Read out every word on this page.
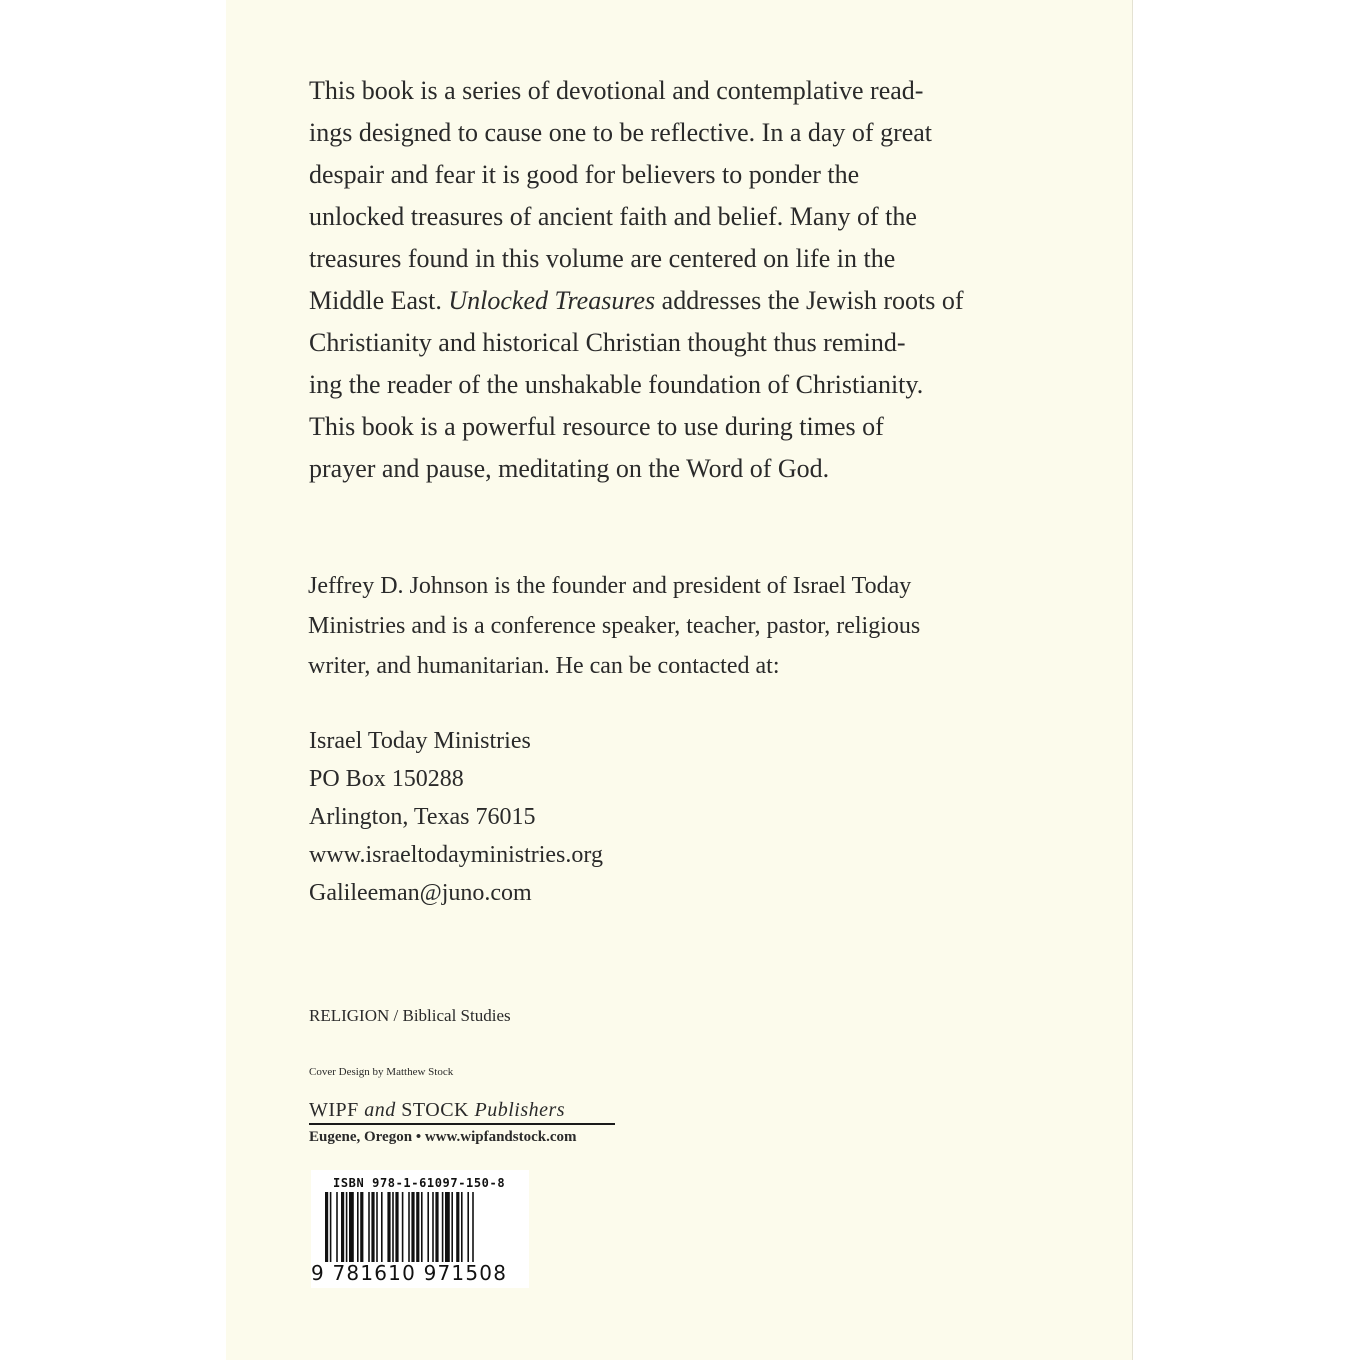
This book is a series of devotional and contemplative read-
ings designed to cause one to be reflective. In a day of great
despair and fear it is good for believers to ponder the
unlocked treasures of ancient faith and belief. Many of the
treasures found in this volume are centered on life in the
Middle East. Unlocked Treasures addresses the Jewish roots of
Christianity and historical Christian thought thus remind-
ing the reader of the unshakable foundation of Christianity.
This book is a powerful resource to use during times of
prayer and pause, meditating on the Word of God.
Jeffrey D. Johnson is the founder and president of Israel Today
Ministries and is a conference speaker, teacher, pastor, religious
writer, and humanitarian. He can be contacted at:
Israel Today Ministries
PO Box 150288
Arlington, Texas 76015
www.israeltodayministries.org
Galileeman@juno.com
RELIGION / Biblical Studies
Cover Design by Matthew Stock
WIPF and STOCK Publishers
Eugene, Oregon • www.wipfandstock.com
ISBN 978-1-61097-150-8
9 781610 971508
